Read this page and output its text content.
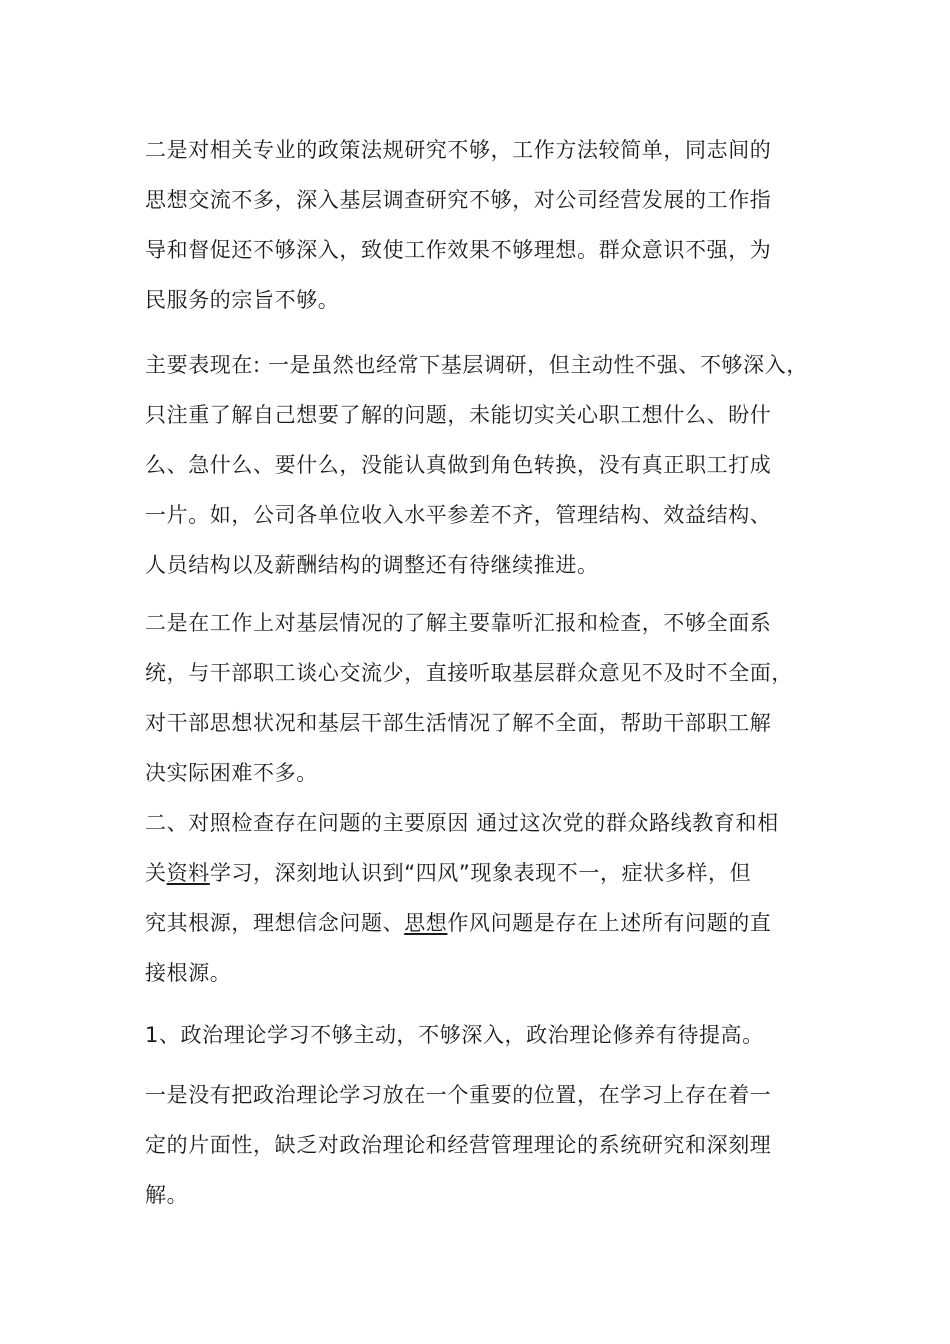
二是对相关专业的政策法规研究不够，工作方法较简单，同志间的
思想交流不多，深入基层调查研究不够，对公司经营发展的工作指
导和督促还不够深入，致使工作效果不够理想。群众意识不强，为
民服务的宗旨不够。
主要表现在: 一是虽然也经常下基层调研，但主动性不强、不够深入，
只注重了解自己想要了解的问题，未能切实关心职工想什么、盼什
么、急什么、要什么，没能认真做到角色转换，没有真正职工打成
一片。如，公司各单位收入水平参差不齐，管理结构、效益结构、
人员结构以及薪酬结构的调整还有待继续推进。
二是在工作上对基层情况的了解主要靠听汇报和检查，不够全面系
统，与干部职工谈心交流少，直接听取基层群众意见不及时不全面，
对干部思想状况和基层干部生活情况了解不全面，帮助干部职工解
决实际困难不多。
二、对照检查存在问题的主要原因 通过这次党的群众路线教育和相
关资料学习，深刻地认识到“四风”现象表现不一，症状多样，但
究其根源，理想信念问题、思想作风问题是存在上述所有问题的直
接根源。
1、政治理论学习不够主动，不够深入，政治理论修养有待提高。
一是没有把政治理论学习放在一个重要的位置，在学习上存在着一
定的片面性，缺乏对政治理论和经营管理理论的系统研究和深刻理
解。
